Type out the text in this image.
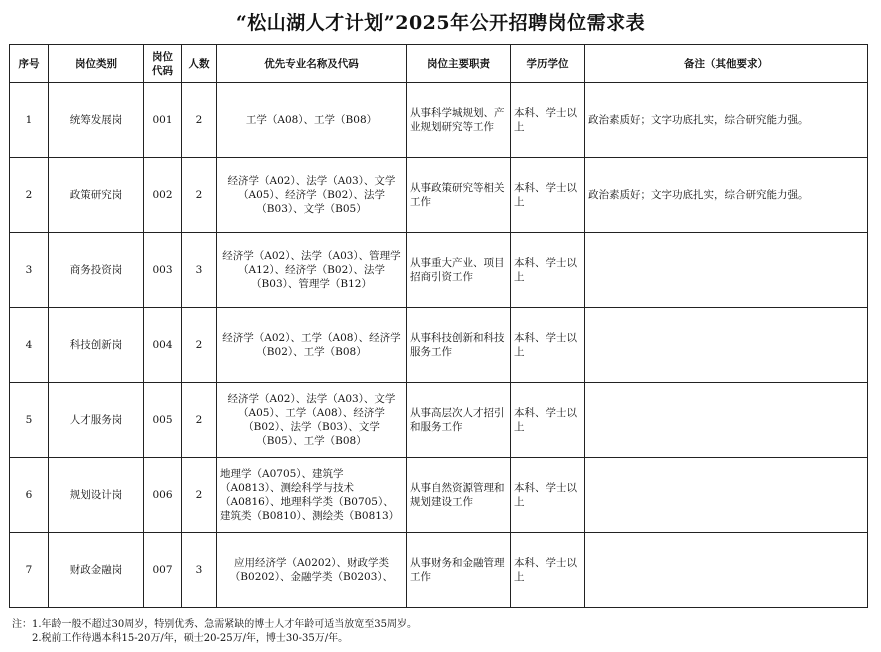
“松山湖人才计划”2025年公开招聘岗位需求表
序号	岗位类别	岗位代码	人数	优先专业名称及代码	岗位主要职责	学历学位	备注（其他要求）
1	统筹发展岗	001	2	工学（A08）、工学（B08）	从事科学城规划、产业规划研究等工作	本科、学士以上	政治素质好；文字功底扎实，综合研究能力强。
2	政策研究岗	002	2	经济学（A02）、法学（A03）、文学（A05）、经济学（B02）、法学（B03）、文学（B05）	从事政策研究等相关工作	本科、学士以上	政治素质好；文字功底扎实，综合研究能力强。
3	商务投资岗	003	3	经济学（A02）、法学（A03）、管理学（A12）、经济学（B02）、法学（B03）、管理学（B12）	从事重大产业、项目招商引资工作	本科、学士以上	
4	科技创新岗	004	2	经济学（A02）、工学（A08）、经济学（B02）、工学（B08）	从事科技创新和科技服务工作	本科、学士以上	
5	人才服务岗	005	2	经济学（A02）、法学（A03）、文学（A05）、工学（A08）、经济学（B02）、法学（B03）、文学（B05）、工学（B08）	从事高层次人才招引和服务工作	本科、学士以上	
6	规划设计岗	006	2	地理学（A0705）、建筑学（A0813）、测绘科学与技术（A0816）、地理科学类（B0705）、建筑类（B0810）、测绘类（B0813）	从事自然资源管理和规划建设工作	本科、学士以上	
7	财政金融岗	007	3	应用经济学（A0202）、财政学类（B0202）、金融学类（B0203）、	从事财务和金融管理工作	本科、学士以上	
注：1.年龄一般不超过30周岁，特别优秀、急需紧缺的博士人才年龄可适当放宽至35周岁。
2.税前工作待遇本科15-20万/年，硕士20-25万/年，博士30-35万/年。
